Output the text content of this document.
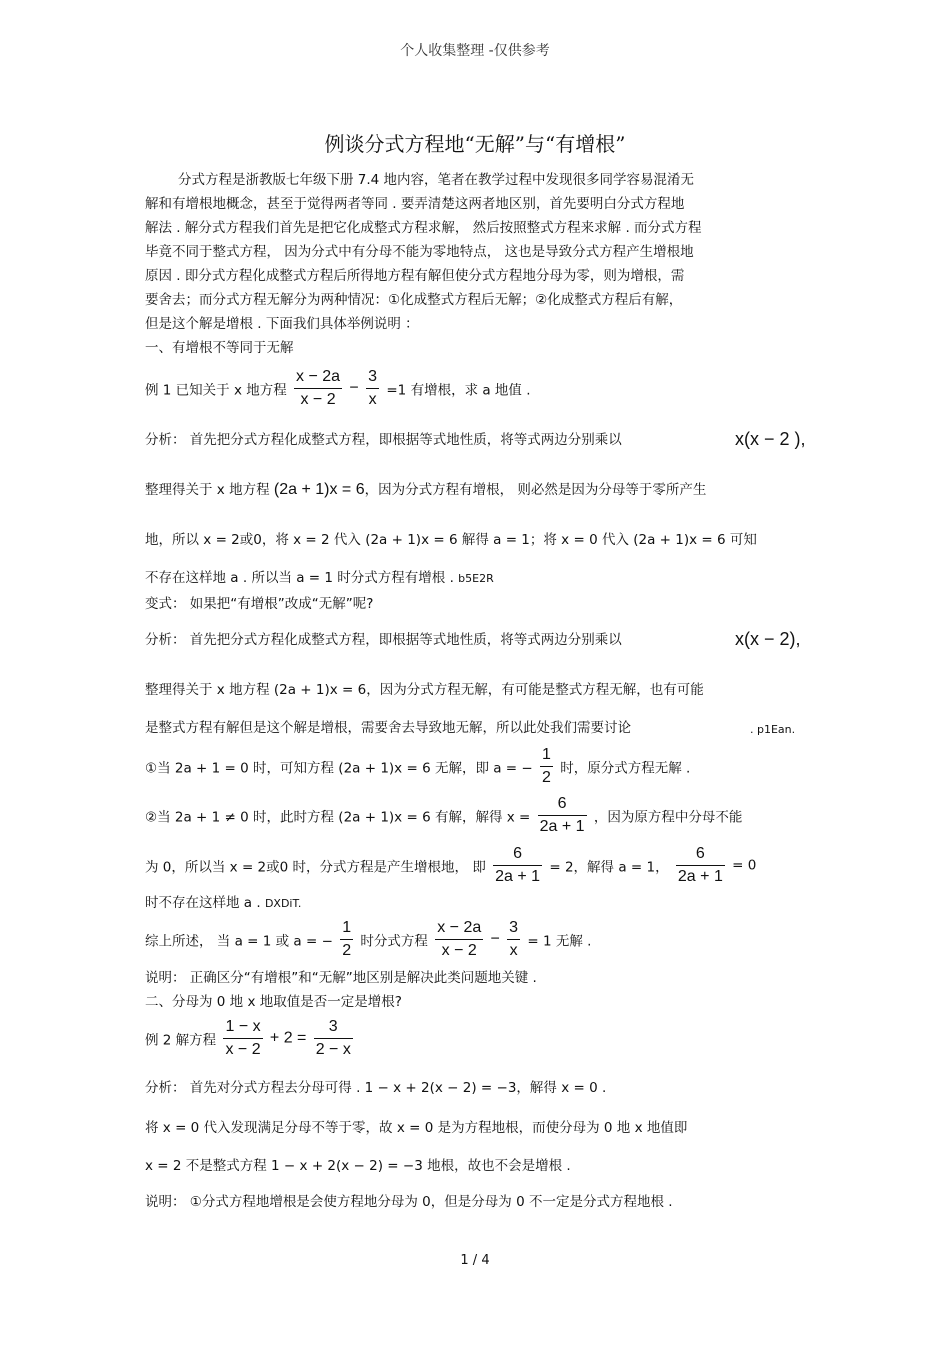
个人收集整理 -仅供参考
例谈分式方程地“无解”与“有增根”
分式方程是浙教版七年级下册 7.4 地内容，笔者在教学过程中发现很多同学容易混淆无
解和有增根地概念，甚至于觉得两者等同 . 要弄清楚这两者地区别，首先要明白分式方程地
解法 . 解分式方程我们首先是把它化成整式方程求解， 然后按照整式方程来求解 . 而分式方程
毕竟不同于整式方程， 因为分式中有分母不能为零地特点， 这也是导致分式方程产生增根地
原因 . 即分式方程化成整式方程后所得地方程有解但使分式方程地分母为零，则为增根，需
要舍去；而分式方程无解分为两种情况：①化成整式方程后无解；②化成整式方程后有解，
但是这个解是增根 . 下面我们具体举例说明 ：
一、有增根不等同于无解
例 1 已知关于 x 地方程 $\frac{x - 2a}{x - 2} - \frac{3}{x} =1$ 有增根，求 a 地值 .
分析： 首先把分式方程化成整式方程，即根据等式地性质，将等式两边分别乘以	x(x − 2 ),
整理得关于 x 地方程 (2a + 1)x = 6，因为分式方程有增根， 则必然是因为分母等于零所产生
地，所以 x = 2或0，将 x = 2 代入 (2a + 1)x = 6 解得 a = 1；将 x = 0 代入 (2a + 1)x = 6 可知
不存在这样地 a . 所以当 a = 1 时分式方程有增根 . b5E2R
变式： 如果把“有增根”改成“无解”呢?
分析： 首先把分式方程化成整式方程，即根据等式地性质，将等式两边分别乘以	x(x − 2),
整理得关于 x 地方程 (2a + 1)x = 6，因为分式方程无解，有可能是整式方程无解，也有可能
是整式方程有解但是这个解是增根，需要舍去导致地无解，所以此处我们需要讨论	. p1Ean.
①当 2a + 1 = 0 时，可知方程 (2a + 1)x = 6 无解，即 a = − $\frac{1}{2}$ 时，原分式方程无解 .
②当 2a + 1 ≠ 0 时，此时方程 (2a + 1)x = 6 有解，解得 $x = \frac{6}{2a + 1}$ ，因为原方程中分母不能
为 0，所以当 x = 2或0 时，分式方程是产生增根地， 即 $\frac{6}{2a + 1} = 2$，解得 a = 1， $\frac{6}{2a + 1} = 0$
时不存在这样地 a . DXDiT.
综上所述， 当 a = 1 或 a = − $\frac{1}{2}$ 时分式方程 $\frac{x - 2a}{x - 2} - \frac{3}{x} = 1$ 无解 .
说明： 正确区分“有增根”和“无解”地区别是解决此类问题地关键 .
二、分母为 0 地 x 地取值是否一定是增根?
例 2 解方程 $\frac{1 - x}{x - 2} + 2 = \frac{3}{2 - x}$
分析： 首先对分式方程去分母可得 . 1 − x + 2(x − 2) = −3，解得 x = 0 .
将 x = 0 代入发现满足分母不等于零，故 x = 0 是为方程地根，而使分母为 0 地 x 地值即
x = 2 不是整式方程 1 − x + 2(x − 2) = −3 地根，故也不会是增根 .
说明： ①分式方程地增根是会使方程地分母为 0，但是分母为 0 不一定是分式方程地根 .
1 / 4
